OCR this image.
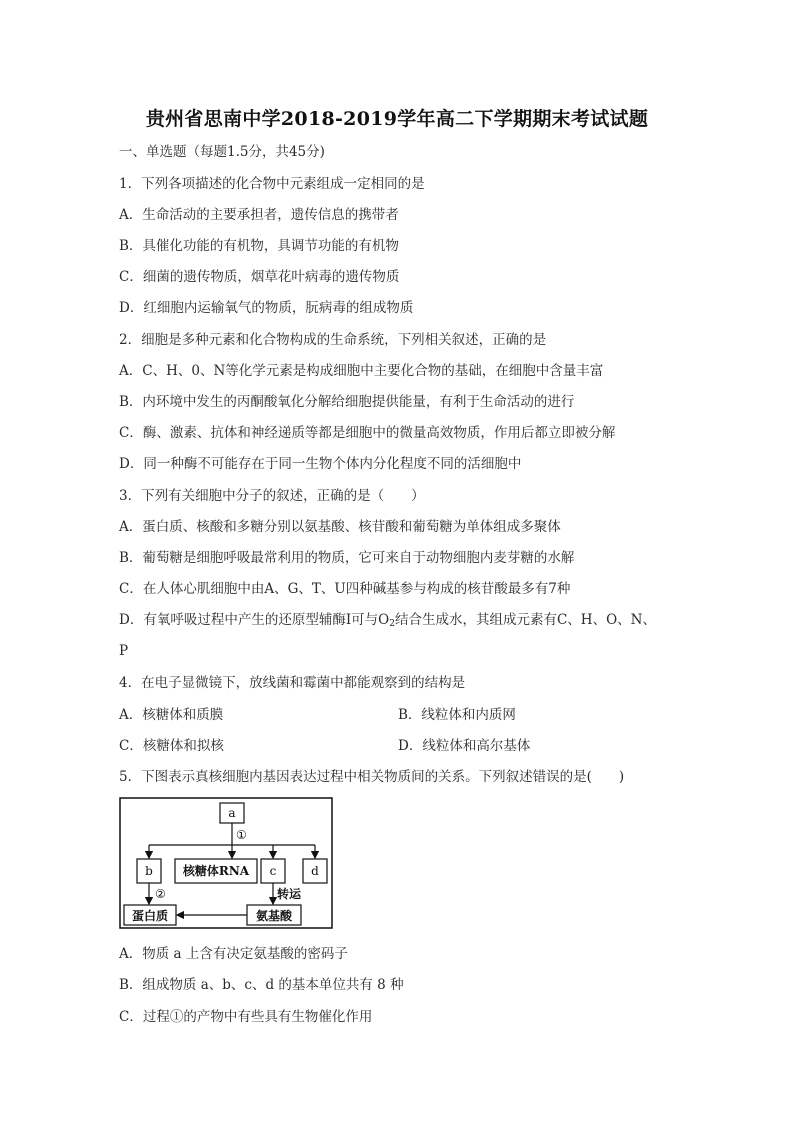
贵州省思南中学2018-2019学年高二下学期期末考试试题
一、单选题（每题1.5分，共45分)
1．下列各项描述的化合物中元素组成一定相同的是
A．生命活动的主要承担者，遗传信息的携带者
B．具催化功能的有机物，具调节功能的有机物
C．细菌的遗传物质，烟草花叶病毒的遗传物质
D．红细胞内运输氧气的物质，朊病毒的组成物质
2．细胞是多种元素和化合物构成的生命系统，下列相关叙述，正确的是
A．C、H、0、N等化学元素是构成细胞中主要化合物的基础，在细胞中含量丰富
B．内环境中发生的丙酮酸氧化分解给细胞提供能量，有利于生命活动的进行
C．酶、激素、抗体和神经递质等都是细胞中的微量高效物质，作用后都立即被分解
D．同一种酶不可能存在于同一生物个体内分化程度不同的活细胞中
3．下列有关细胞中分子的叙述，正确的是（　　）
A．蛋白质、核酸和多糖分别以氨基酸、核苷酸和葡萄糖为单体组成多聚体
B．葡萄糖是细胞呼吸最常利用的物质，它可来自于动物细胞内麦芽糖的水解
C．在人体心肌细胞中由A、G、T、U四种碱基参与构成的核苷酸最多有7种
D．有氧呼吸过程中产生的还原型辅酶Ⅰ可与$O_2$结合生成水，其组成元素有C、H、O、N、
P
4．在电子显微镜下，放线菌和霉菌中都能观察到的结构是
A．核糖体和质膜	B．线粒体和内质网
C．核糖体和拟核	D．线粒体和高尔基体
5．下图表示真核细胞内基因表达过程中相关物质间的关系。下列叙述错误的是(　　)
a
①
b	核糖体RNA c	d
②	转运
蛋白质	氨基酸
A．物质 a 上含有决定氨基酸的密码子
B．组成物质 a、b、c、d 的基本单位共有 8 种
C．过程①的产物中有些具有生物催化作用
